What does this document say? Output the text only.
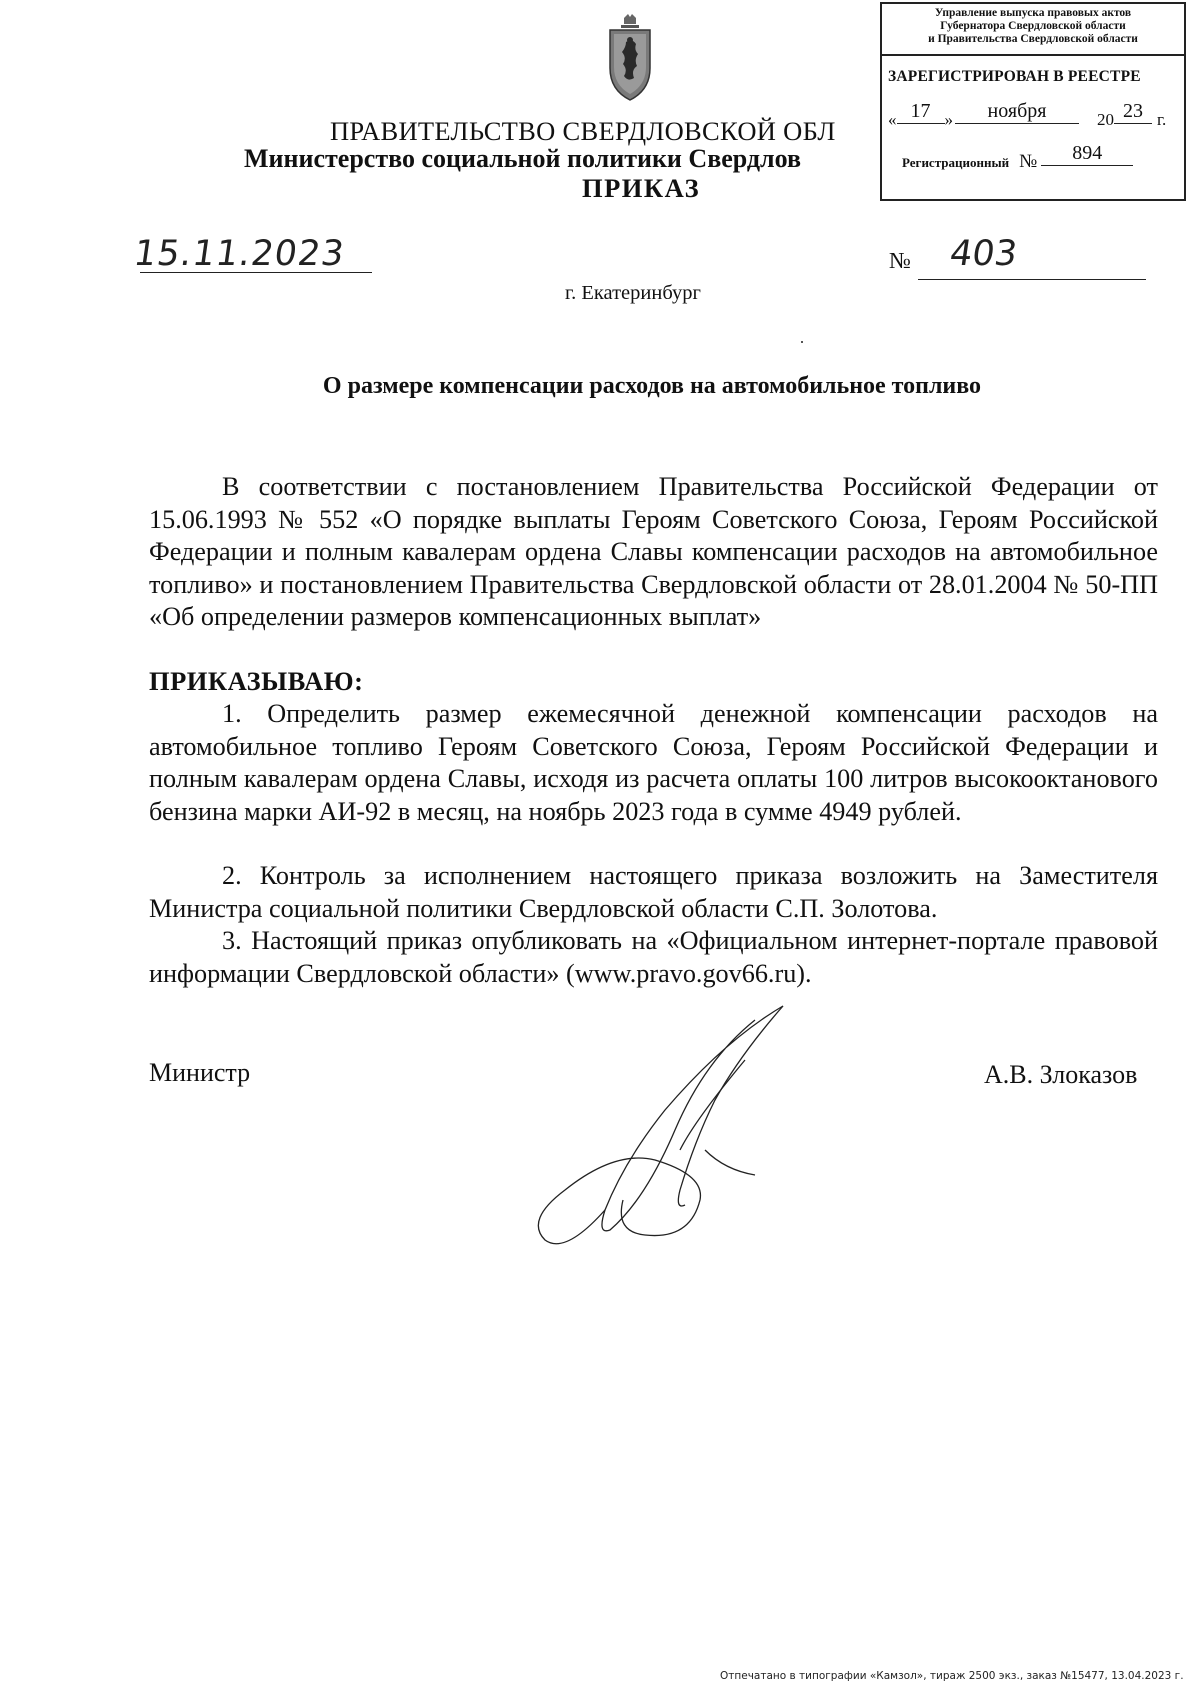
Управление выпуска правовых актов
Губернатора Свердловской области
и Правительства Свердловской области
ЗАРЕГИСТРИРОВАН В РЕЕСТРЕ
« 17 » ноября	20 23 г.
Регистрационный № 894
ПРАВИТЕЛЬСТВО СВЕРДЛОВСКОЙ ОБЛ
Министерство социальной политики Свердлов
ПРИКАЗ
15.11.2023	№ 403
г. Екатеринбург
О размере компенсации расходов на автомобильное топливо
В соответствии с постановлением Правительства Российской Федерации от 15.06.1993 № 552 «О порядке выплаты Героям Советского Союза, Героям Российской Федерации и полным кавалерам ордена Славы компенсации расходов на автомобильное топливо» и постановлением Правительства Свердловской области от 28.01.2004 № 50-ПП «Об определении размеров компенсационных выплат»
ПРИКАЗЫВАЮ:
1. Определить размер ежемесячной денежной компенсации расходов на автомобильное топливо Героям Советского Союза, Героям Российской Федерации и полным кавалерам ордена Славы, исходя из расчета оплаты 100 литров высокооктанового бензина марки АИ-92 в месяц, на ноябрь 2023 года в сумме 4949 рублей.
2. Контроль за исполнением настоящего приказа возложить на Заместителя Министра социальной политики Свердловской области С.П. Золотова.
3. Настоящий приказ опубликовать на «Официальном интернет-портале правовой информации Свердловской области» (www.pravo.gov66.ru).
Министр	А.В. Злоказов
Отпечатано в типографии «Камзол», тираж 2500 экз., заказ №15477, 13.04.2023 г.
